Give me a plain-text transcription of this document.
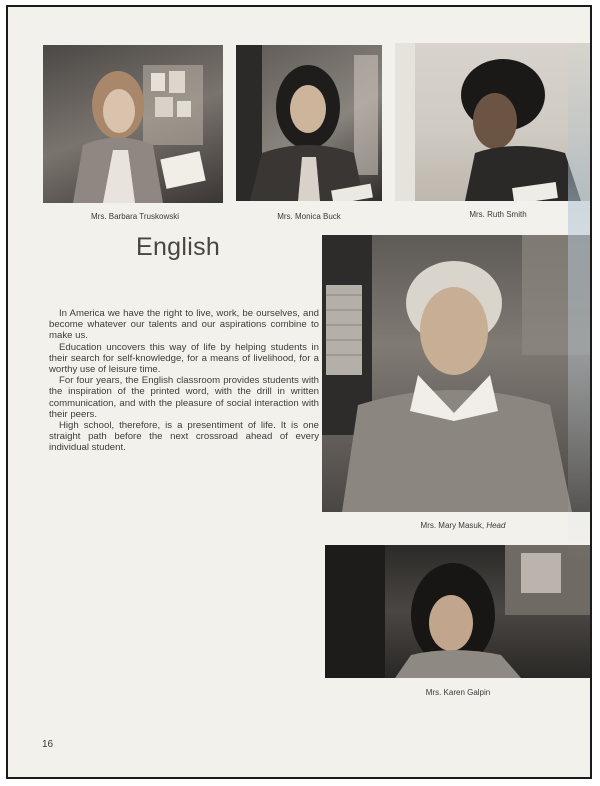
Mrs. Barbara Truskowski	Mrs. Monica Buck	Mrs. Ruth Smith
English

In America we have the right to live, work, be ourselves, and become whatever our talents and our aspirations combine to make us.

Education uncovers this way of life by helping students in their search for self-knowledge, for a means of livelihood, for a worthy use of leisure time.

For four years, the English classroom provides students with the inspiration of the printed word, with the drill in written communication, and with the pleasure of social interaction with their peers.

High school, therefore, is a presentiment of life. It is one straight path before the next crossroad ahead of every individual student.

Mrs. Mary Masuk, Head
Mrs. Karen Galpin
16
